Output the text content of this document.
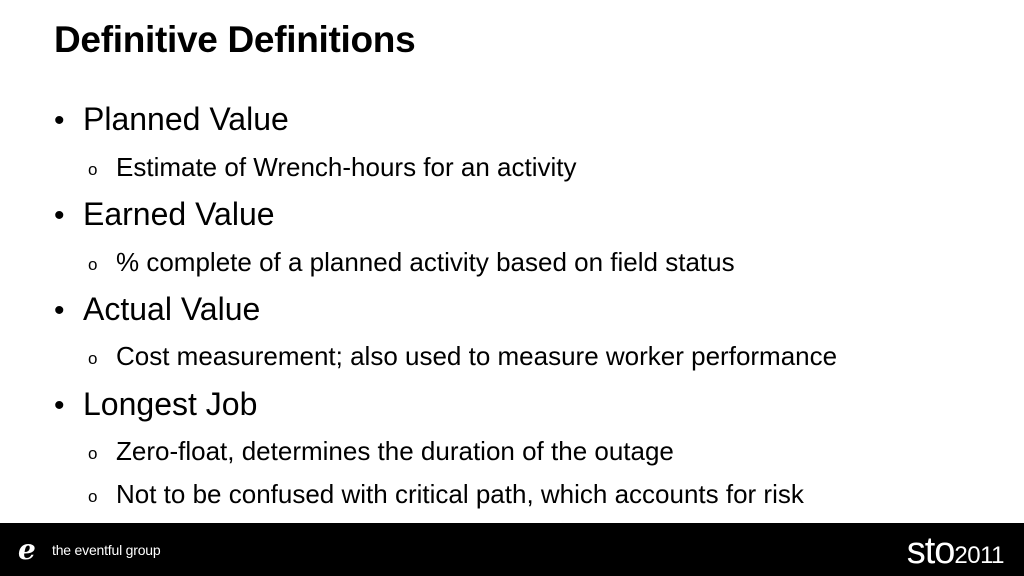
Definitive Definitions
• Planned Value
o Estimate of Wrench-hours for an activity
• Earned Value
o % complete of a planned activity based on field status
• Actual Value
o Cost measurement; also used to measure worker performance
• Longest Job
o Zero-float, determines the duration of the outage
o Not to be confused with critical path, which accounts for risk
e	the eventful group	sto 2011
